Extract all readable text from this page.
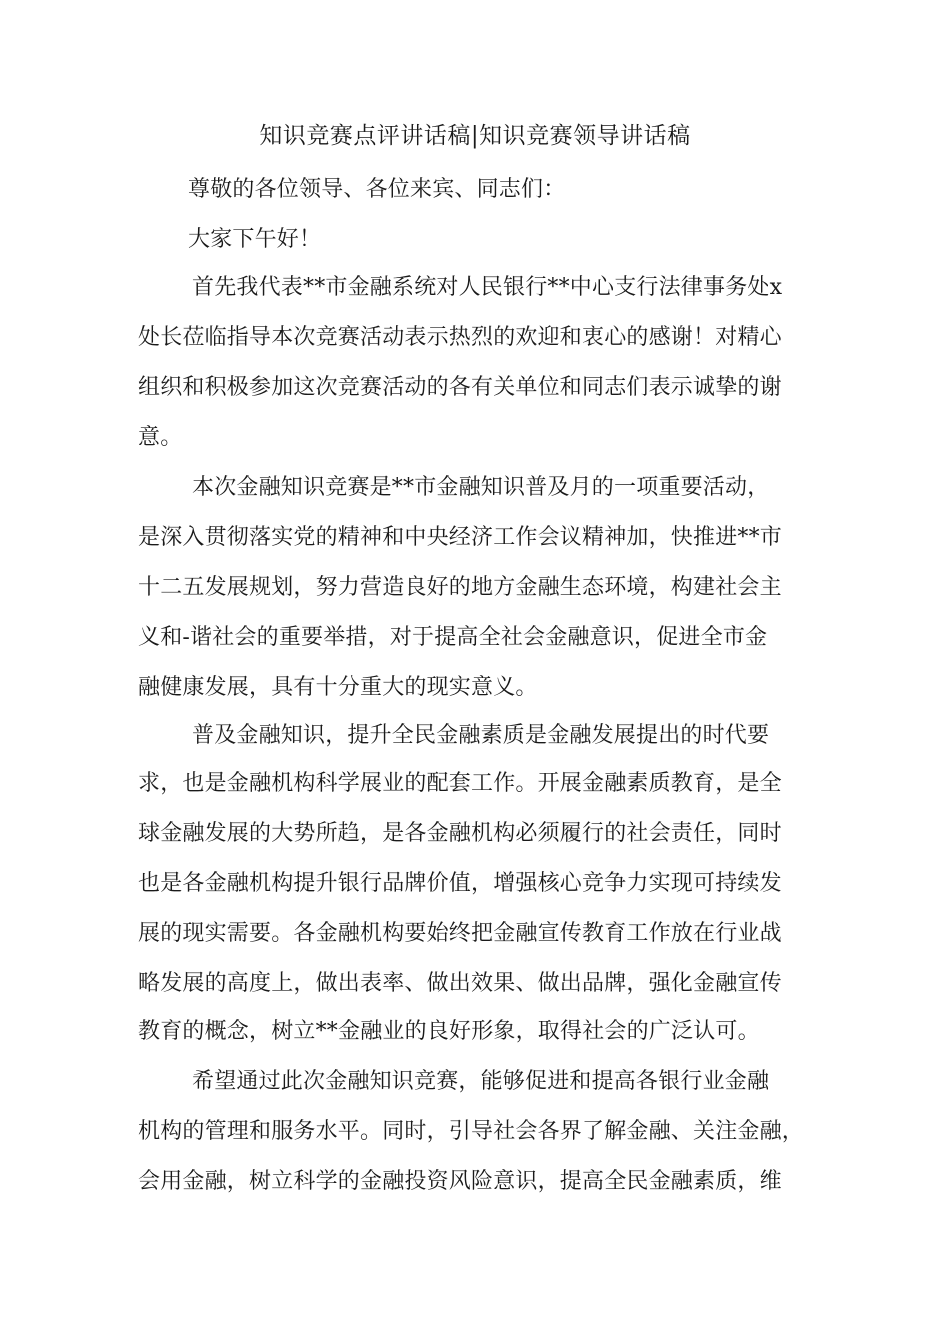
知识竞赛点评讲话稿|知识竞赛领导讲话稿
尊敬的各位领导、各位来宾、同志们：
大家下午好！
首先我代表**市金融系统对人民银行**中心支行法律事务处x
处长莅临指导本次竞赛活动表示热烈的欢迎和衷心的感谢！对精心
组织和积极参加这次竞赛活动的各有关单位和同志们表示诚挚的谢
意。
本次金融知识竞赛是**市金融知识普及月的一项重要活动，
是深入贯彻落实党的精神和中央经济工作会议精神加，快推进**市
十二五发展规划，努力营造良好的地方金融生态环境，构建社会主
义和-谐社会的重要举措，对于提高全社会金融意识，促进全市金
融健康发展，具有十分重大的现实意义。
普及金融知识，提升全民金融素质是金融发展提出的时代要
求，也是金融机构科学展业的配套工作。开展金融素质教育，是全
球金融发展的大势所趋，是各金融机构必须履行的社会责任，同时
也是各金融机构提升银行品牌价值，增强核心竞争力实现可持续发
展的现实需要。各金融机构要始终把金融宣传教育工作放在行业战
略发展的高度上，做出表率、做出效果、做出品牌，强化金融宣传
教育的概念，树立**金融业的良好形象，取得社会的广泛认可。
希望通过此次金融知识竞赛，能够促进和提高各银行业金融
机构的管理和服务水平。同时，引导社会各界了解金融、关注金融，
会用金融，树立科学的金融投资风险意识，提高全民金融素质，维
